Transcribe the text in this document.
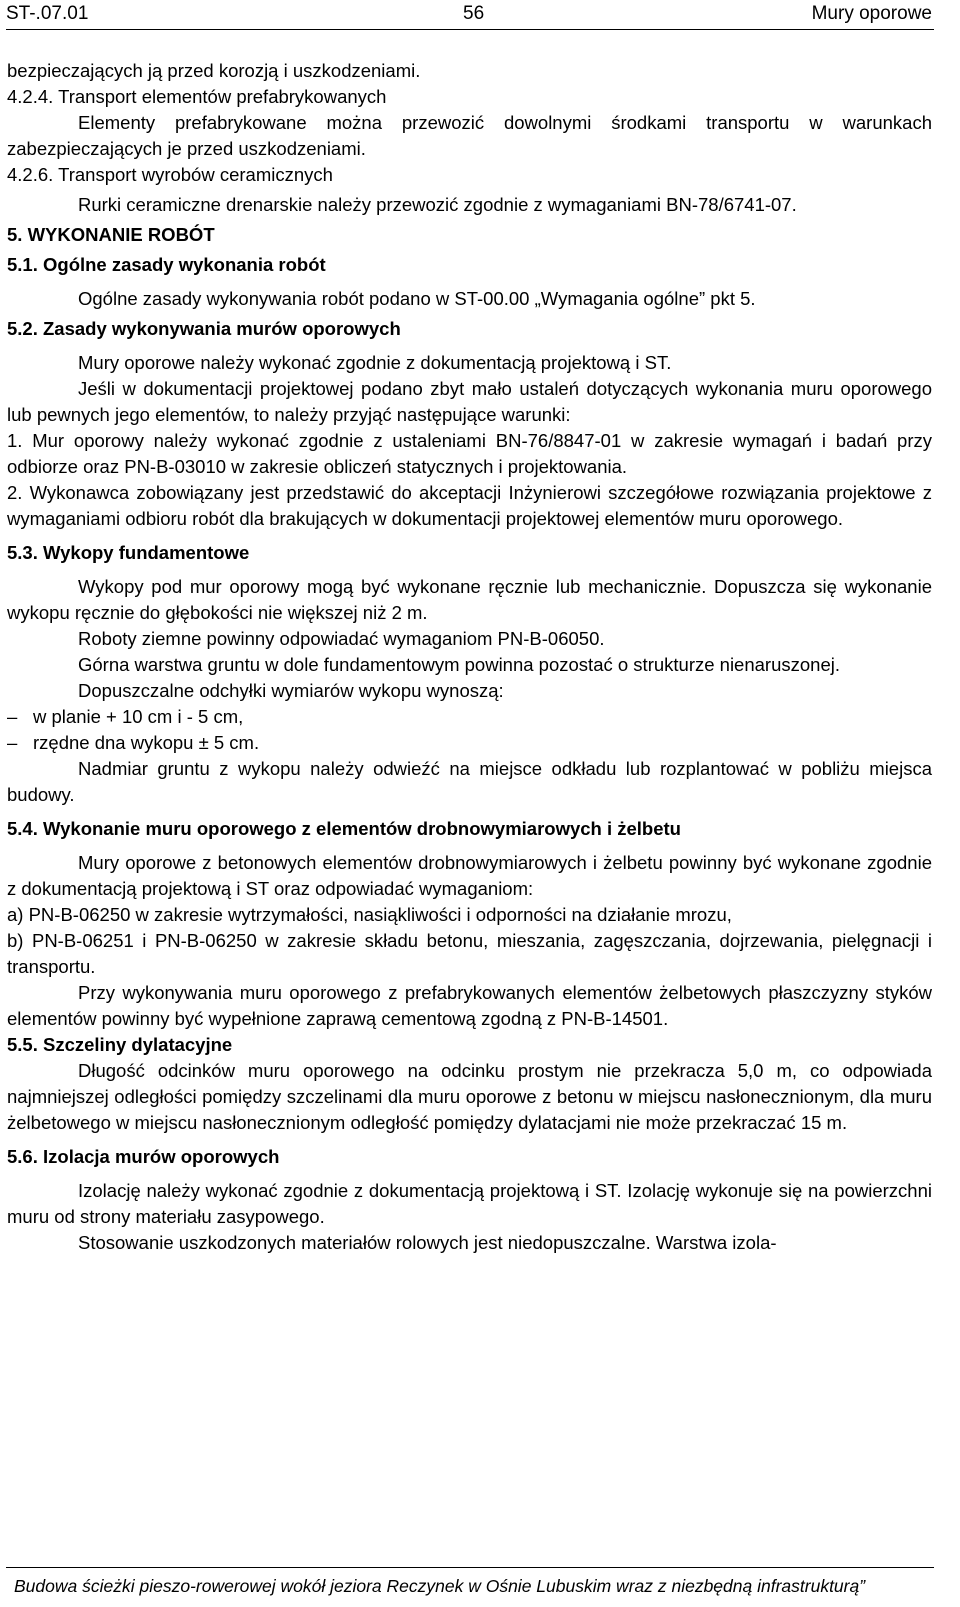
ST-.07.01	56	Mury oporowe

bezpieczających ją przed korozją i uszkodzeniami.

4.2.4. Transport elementów prefabrykowanych

Elementy prefabrykowane można przewozić dowolnymi środkami transportu w warunkach zabezpieczających je przed uszkodzeniami.

4.2.6. Transport wyrobów ceramicznych

Rurki ceramiczne drenarskie należy przewozić zgodnie z wymaganiami BN-78/6741-07.

5. WYKONANIE ROBÓT

5.1. Ogólne zasady wykonania robót

Ogólne zasady wykonywania robót podano w ST-00.00 „Wymagania ogólne” pkt 5.

5.2. Zasady wykonywania murów oporowych

Mury oporowe należy wykonać zgodnie z dokumentacją projektową i ST.

Jeśli w dokumentacji projektowej podano zbyt mało ustaleń dotyczących wykonania muru oporowego lub pewnych jego elementów, to należy przyjąć następujące warunki:

1. Mur oporowy należy wykonać zgodnie z ustaleniami BN-76/8847-01 w zakresie wymagań i badań przy odbiorze oraz PN-B-03010 w zakresie obliczeń statycznych i projektowania.

2. Wykonawca zobowiązany jest przedstawić do akceptacji Inżynierowi szczegółowe rozwiązania projektowe z wymaganiami odbioru robót dla brakujących w dokumentacji projektowej elementów muru oporowego.

5.3. Wykopy fundamentowe

Wykopy pod mur oporowy mogą być wykonane ręcznie lub mechanicznie. Dopuszcza się wykonanie wykopu ręcznie do głębokości nie większej niż 2 m.

Roboty ziemne powinny odpowiadać wymaganiom PN-B-06050.

Górna warstwa gruntu w dole fundamentowym powinna pozostać o strukturze nienaruszonej.

Dopuszczalne odchyłki wymiarów wykopu wynoszą:

– w planie + 10 cm i - 5 cm,

– rzędne dna wykopu ± 5 cm.

Nadmiar gruntu z wykopu należy odwieźć na miejsce odkładu lub rozplantować w pobliżu miejsca budowy.

5.4. Wykonanie muru oporowego z elementów drobnowymiarowych i żelbetu

Mury oporowe z betonowych elementów drobnowymiarowych i żelbetu powinny być wykonane zgodnie z dokumentacją projektową i ST oraz odpowiadać wymaganiom:

a) PN-B-06250 w zakresie wytrzymałości, nasiąkliwości i odporności na działanie mrozu,

b) PN-B-06251 i PN-B-06250 w zakresie składu betonu, mieszania, zagęszczania, dojrzewania, pielęgnacji i transportu.

Przy wykonywania muru oporowego z prefabrykowanych elementów żelbetowych płaszczyzny styków elementów powinny być wypełnione zaprawą cementową zgodną z PN-B-14501.

5.5. Szczeliny dylatacyjne

Długość odcinków muru oporowego na odcinku prostym nie przekracza 5,0 m, co odpowiada najmniejszej odległości pomiędzy szczelinami dla muru oporowe z betonu w miejscu nasłonecznionym, dla muru żelbetowego w miejscu nasłonecznionym odległość pomiędzy dylatacjami nie może przekraczać 15 m.

5.6. Izolacja murów oporowych

Izolację należy wykonać zgodnie z dokumentacją projektową i ST. Izolację wykonuje się na powierzchni muru od strony materiału zasypowego.

Stosowanie uszkodzonych materiałów rolowych jest niedopuszczalne. Warstwa izola-

Budowa ścieżki pieszo-rowerowej wokół jeziora Reczynek w Ośnie Lubuskim wraz z niezbędną infrastrukturą”
